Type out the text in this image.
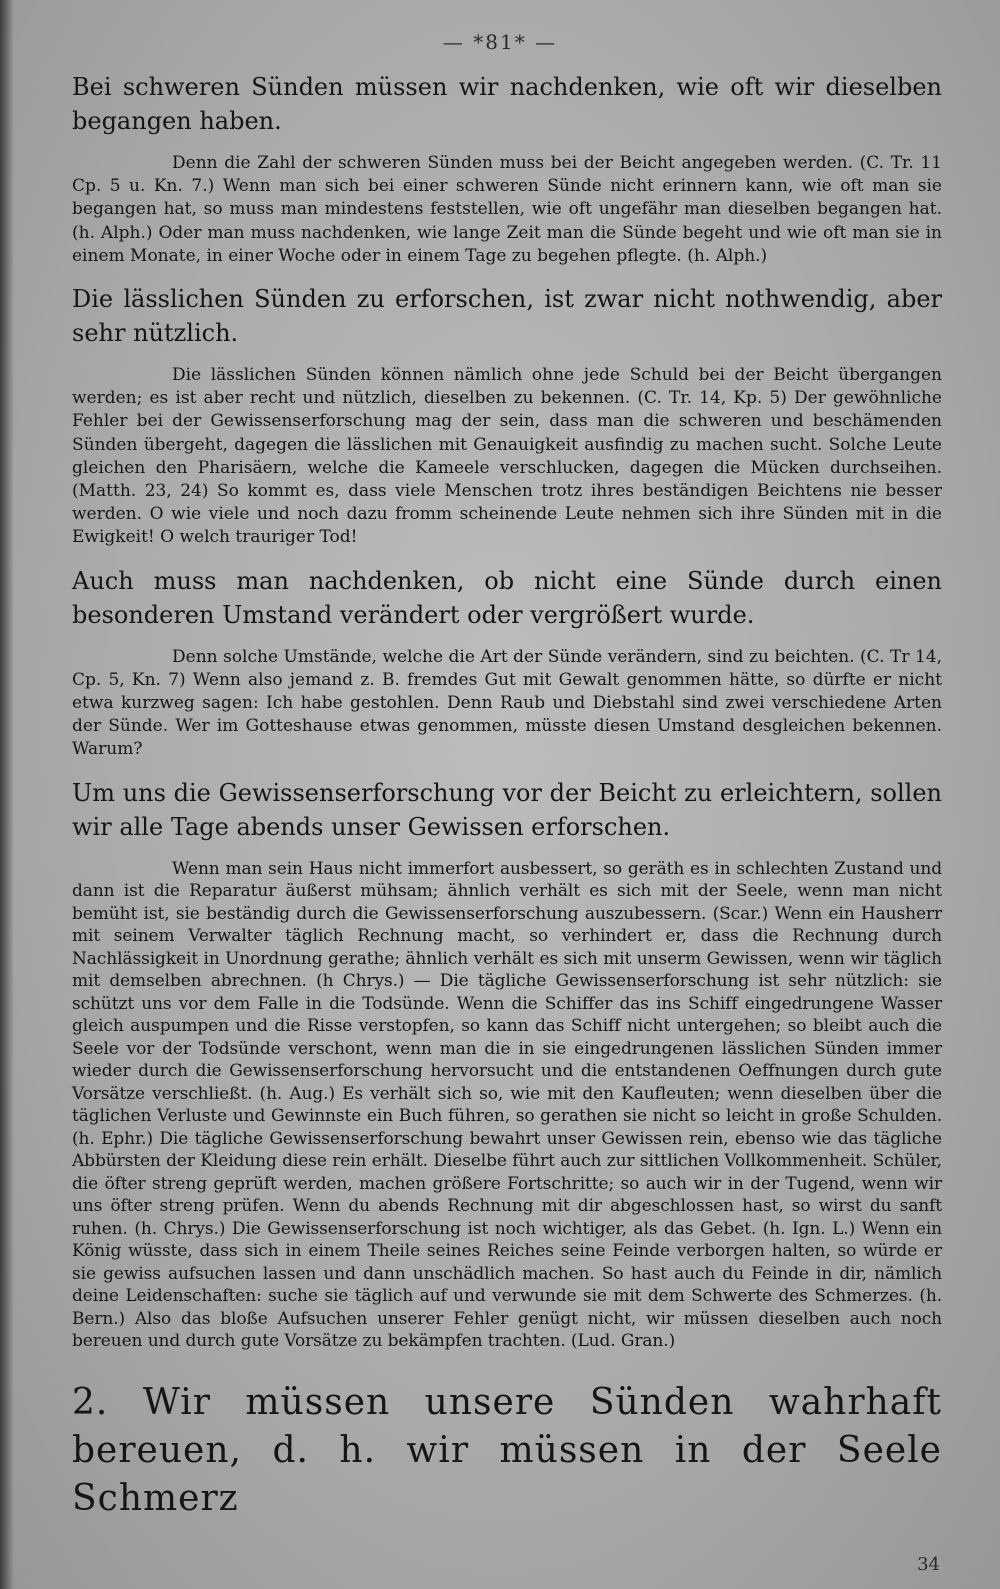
— *81* —

Bei schweren Sünden müssen wir nachdenken, wie oft wir dieselben begangen haben.

Denn die Zahl der schweren Sünden muss bei der Beicht angegeben werden. (C. Tr. 11 Cp. 5 u. Kn. 7.) Wenn man sich bei einer schweren Sünde nicht erinnern kann, wie oft man sie begangen hat, so muss man mindestens feststellen, wie oft ungefähr man dieselben begangen hat. (h. Alph.) Oder man muss nachdenken, wie lange Zeit man die Sünde begeht und wie oft man sie in einem Monate, in einer Woche oder in einem Tage zu begehen pflegte. (h. Alph.)

Die lässlichen Sünden zu erforschen, ist zwar nicht nothwendig, aber sehr nützlich.

Die lässlichen Sünden können nämlich ohne jede Schuld bei der Beicht übergangen werden; es ist aber recht und nützlich, dieselben zu bekennen. (C. Tr. 14, Kp. 5) Der gewöhnliche Fehler bei der Gewissenserforschung mag der sein, dass man die schweren und beschämenden Sünden übergeht, dagegen die lässlichen mit Genauigkeit ausfindig zu machen sucht. Solche Leute gleichen den Pharisäern, welche die Kameele verschlucken, dagegen die Mücken durchseihen. (Matth. 23, 24) So kommt es, dass viele Menschen trotz ihres beständigen Beichtens nie besser werden. O wie viele und noch dazu fromm scheinende Leute nehmen sich ihre Sünden mit in die Ewigkeit! O welch trauriger Tod!

Auch muss man nachdenken, ob nicht eine Sünde durch einen besonderen Umstand verändert oder vergrößert wurde.

Denn solche Umstände, welche die Art der Sünde verändern, sind zu beichten. (C. Tr 14, Cp. 5, Kn. 7) Wenn also jemand z. B. fremdes Gut mit Gewalt genommen hätte, so dürfte er nicht etwa kurzweg sagen: Ich habe gestohlen. Denn Raub und Diebstahl sind zwei verschiedene Arten der Sünde. Wer im Gotteshause etwas genommen, müsste diesen Umstand desgleichen bekennen. Warum?

Um uns die Gewissenserforschung vor der Beicht zu erleichtern, sollen wir alle Tage abends unser Gewissen erforschen.

Wenn man sein Haus nicht immerfort ausbessert, so geräth es in schlechten Zustand und dann ist die Reparatur äußerst mühsam; ähnlich verhält es sich mit der Seele, wenn man nicht bemüht ist, sie beständig durch die Gewissenserforschung auszubessern. (Scar.) Wenn ein Hausherr mit seinem Verwalter täglich Rechnung macht, so verhindert er, dass die Rechnung durch Nachlässigkeit in Unordnung gerathe; ähnlich verhält es sich mit unserm Gewissen, wenn wir täglich mit demselben abrechnen. (h Chrys.) — Die tägliche Gewissenserforschung ist sehr nützlich: sie schützt uns vor dem Falle in die Todsünde. Wenn die Schiffer das ins Schiff eingedrungene Wasser gleich auspumpen und die Risse verstopfen, so kann das Schiff nicht untergehen; so bleibt auch die Seele vor der Todsünde verschont, wenn man die in sie eingedrungenen lässlichen Sünden immer wieder durch die Gewissenserforschung hervorsucht und die entstandenen Oeffnungen durch gute Vorsätze verschließt. (h. Aug.) Es verhält sich so, wie mit den Kaufleuten; wenn dieselben über die täglichen Verluste und Gewinnste ein Buch führen, so gerathen sie nicht so leicht in große Schulden. (h. Ephr.) Die tägliche Gewissenserforschung bewahrt unser Gewissen rein, ebenso wie das tägliche Abbürsten der Kleidung diese rein erhält. Dieselbe führt auch zur sittlichen Vollkommenheit. Schüler, die öfter streng geprüft werden, machen größere Fortschritte; so auch wir in der Tugend, wenn wir uns öfter streng prüfen. Wenn du abends Rechnung mit dir abgeschlossen hast, so wirst du sanft ruhen. (h. Chrys.) Die Gewissenserforschung ist noch wichtiger, als das Gebet. (h. Ign. L.) Wenn ein König wüsste, dass sich in einem Theile seines Reiches seine Feinde verborgen halten, so würde er sie gewiss aufsuchen lassen und dann unschädlich machen. So hast auch du Feinde in dir, nämlich deine Leidenschaften: suche sie täglich auf und verwunde sie mit dem Schwerte des Schmerzes. (h. Bern.) Also das bloße Aufsuchen unserer Fehler genügt nicht, wir müssen dieselben auch noch bereuen und durch gute Vorsätze zu bekämpfen trachten. (Lud. Gran.)

2. Wir müssen unsere Sünden wahrhaft bereuen, d. h. wir müssen in der Seele Schmerz

34
